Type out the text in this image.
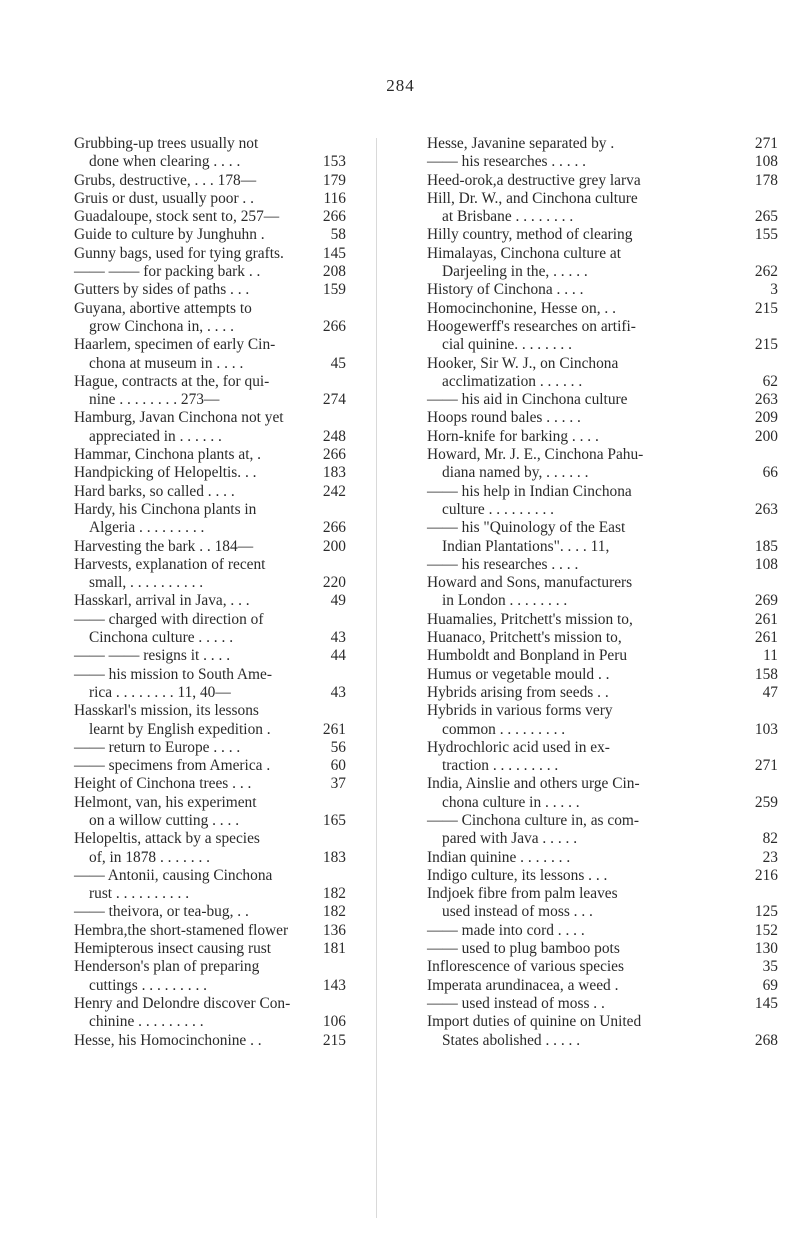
284
Grubbing-up trees usually not
done when clearing . . . .	153
Grubs, destructive, . . . 178—	179
Gruis or dust, usually poor . .	116
Guadaloupe, stock sent to, 257—	266
Guide to culture by Junghuhn .	58
Gunny bags, used for tying grafts.	145
—— —— for packing bark . .	208
Gutters by sides of paths . . .	159
Guyana, abortive attempts to
grow Cinchona in, . . . .	266
Haarlem, specimen of early Cin-
chona at museum in . . . .	45
Hague, contracts at the, for qui-
nine . . . . . . . . 273—	274
Hamburg, Javan Cinchona not yet
appreciated in . . . . . .	248
Hammar, Cinchona plants at, .	266
Handpicking of Helopeltis. . .	183
Hard barks, so called . . . .	242
Hardy, his Cinchona plants in
Algeria . . . . . . . . .	266
Harvesting the bark . . 184—	200
Harvests, explanation of recent
small, . . . . . . . . . .	220
Hasskarl, arrival in Java, . . .	49
—— charged with direction of
Cinchona culture . . . . .	43
—— —— resigns it . . . .	44
—— his mission to South Ame-
rica . . . . . . . . 11, 40—	43
Hasskarl's mission, its lessons
learnt by English expedition .	261
—— return to Europe . . . .	56
—— specimens from America .	60
Height of Cinchona trees . . .	37
Helmont, van, his experiment
on a willow cutting . . . .	165
Helopeltis, attack by a species
of, in 1878 . . . . . . .	183
—— Antonii, causing Cinchona
rust . . . . . . . . . .	182
—— theivora, or tea-bug, . .	182
Hembra,the short-stamened flower 136
Hemipterous insect causing rust	181
Henderson's plan of preparing
cuttings . . . . . . . . .	143
Henry and Delondre discover Con-
chinine . . . . . . . . .	106
Hesse, his Homocinchonine . .	215
Hesse, Javanine separated by .	271
—— his researches . . . . .	108
Heed-orok,a destructive grey larva	178
Hill, Dr. W., and Cinchona culture
at Brisbane . . . . . . . .	265
Hilly country, method of clearing	155
Himalayas, Cinchona culture at
Darjeeling in the, . . . . .	262
History of Cinchona . . . .	3
Homocinchonine, Hesse on, . .	215
Hoogewerff's researches on artifi-
cial quinine. . . . . . . .	215
Hooker, Sir W. J., on Cinchona
acclimatization . . . . . .	62
—— his aid in Cinchona culture	263
Hoops round bales . . . . .	209
Horn-knife for barking . . . .	200
Howard, Mr. J. E., Cinchona Pahu-
diana named by, . . . . . .	66
—— his help in Indian Cinchona
culture . . . . . . . . .	263
—— his "Quinology of the East
Indian Plantations". . . . 11,	185
—— his researches . . . .	108
Howard and Sons, manufacturers
in London . . . . . . . .	269
Huamalies, Pritchett's mission to,	261
Huanaco, Pritchett's mission to,	261
Humboldt and Bonpland in Peru	11
Humus or vegetable mould . .	158
Hybrids arising from seeds . .	47
Hybrids in various forms very
common . . . . . . . . .	103
Hydrochloric acid used in ex-
traction . . . . . . . . .	271
India, Ainslie and others urge Cin-
chona culture in . . . . .	259
—— Cinchona culture in, as com-
pared with Java . . . . .	82
Indian quinine . . . . . . .	23
Indigo culture, its lessons . . .	216
Indjoek fibre from palm leaves
used instead of moss . . .	125
—— made into cord . . . .	152
—— used to plug bamboo pots	130
Inflorescence of various species	35
Imperata arundinacea, a weed .	69
—— used instead of moss . .	145
Import duties of quinine on United
States abolished . . . . .	268
